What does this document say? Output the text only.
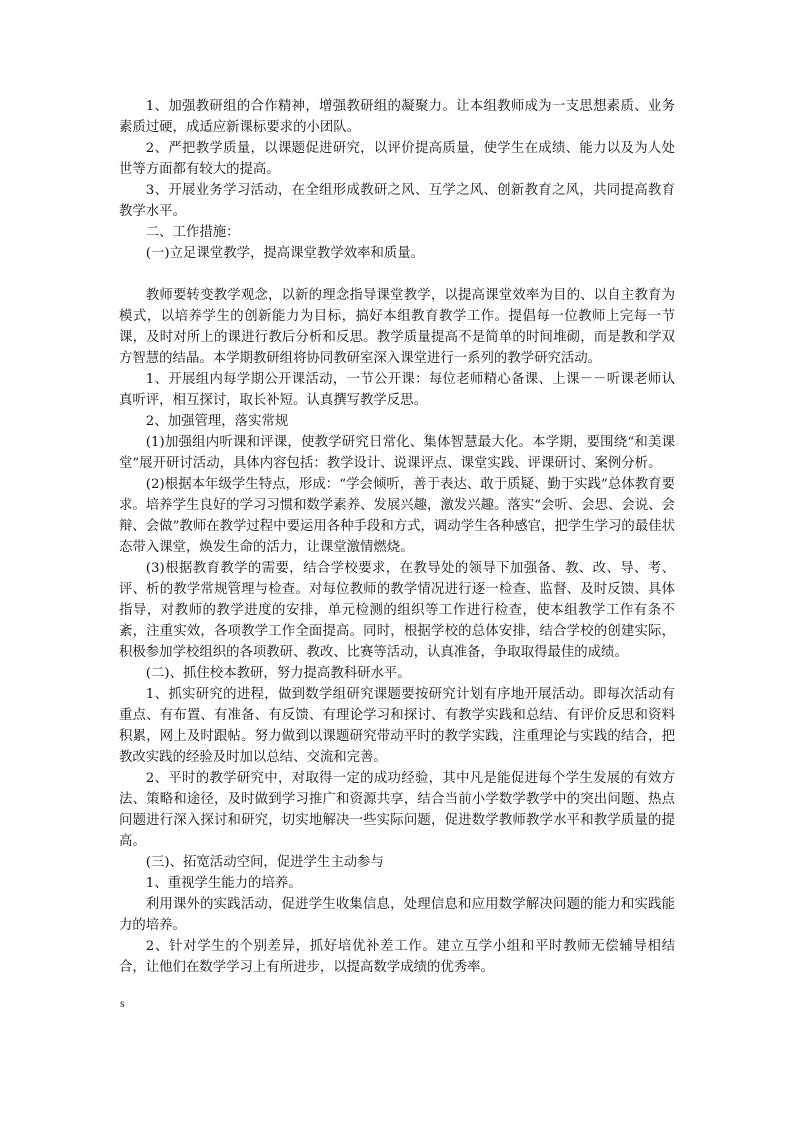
1、加强教研组的合作精神，增强教研组的凝聚力。让本组教师成为一支思想素质、业务素质过硬，成适应新课标要求的小团队。

2、严把教学质量，以课题促进研究，以评价提高质量，使学生在成绩、能力以及为人处世等方面都有较大的提高。

3、开展业务学习活动，在全组形成教研之风、互学之风、创新教育之风，共同提高教育教学水平。

二、工作措施：

(一)立足课堂教学，提高课堂教学效率和质量。

教师要转变教学观念，以新的理念指导课堂教学，以提高课堂效率为目的、以自主教育为模式，以培养学生的创新能力为目标，搞好本组教育教学工作。提倡每一位教师上完每一节课，及时对所上的课进行教后分析和反思。教学质量提高不是简单的时间堆砌，而是教和学双方智慧的结晶。本学期教研组将协同教研室深入课堂进行一系列的教学研究活动。

1、开展组内每学期公开课活动，一节公开课：每位老师精心备课、上课－－听课老师认真听评，相互探讨，取长补短。认真撰写教学反思。

2、加强管理，落实常规

(1)加强组内听课和评课，使教学研究日常化、集体智慧最大化。本学期，要围绕“和美课堂”展开研讨活动，具体内容包括：教学设计、说课评点、课堂实践、评课研讨、案例分析。

(2)根据本年级学生特点，形成：“学会倾听，善于表达、敢于质疑、勤于实践”总体教育要求。培养学生良好的学习习惯和数学素养、发展兴趣，激发兴趣。落实“会听、会思、会说、会辩、会做”教师在教学过程中要运用各种手段和方式，调动学生各种感官，把学生学习的最佳状态带入课堂，焕发生命的活力，让课堂激情燃烧。

(3)根据教育教学的需要，结合学校要求，在教导处的领导下加强备、教、改、导、考、评、析的教学常规管理与检查。对每位教师的教学情况进行逐一检查、监督、及时反馈、具体指导，对教师的教学进度的安排，单元检测的组织等工作进行检查，使本组教学工作有条不紊，注重实效，各项教学工作全面提高。同时，根据学校的总体安排，结合学校的创建实际，积极参加学校组织的各项教研、教改、比赛等活动，认真准备，争取取得最佳的成绩。

(二)、抓住校本教研，努力提高教科研水平。

1、抓实研究的进程，做到数学组研究课题要按研究计划有序地开展活动。即每次活动有重点、有布置、有准备、有反馈、有理论学习和探讨、有教学实践和总结、有评价反思和资料积累，网上及时跟帖。努力做到以课题研究带动平时的教学实践，注重理论与实践的结合，把教改实践的经验及时加以总结、交流和完善。

2、平时的教学研究中，对取得一定的成功经验，其中凡是能促进每个学生发展的有效方法、策略和途径，及时做到学习推广和资源共享，结合当前小学数学教学中的突出问题、热点问题进行深入探讨和研究，切实地解决一些实际问题，促进数学教师教学水平和教学质量的提高。

(三)、拓宽活动空间，促进学生主动参与

1、重视学生能力的培养。

利用课外的实践活动，促进学生收集信息，处理信息和应用数学解决问题的能力和实践能力的培养。

2、针对学生的个别差异，抓好培优补差工作。建立互学小组和平时教师无偿辅导相结合，让他们在数学学习上有所进步，以提高数学成绩的优秀率。

s
